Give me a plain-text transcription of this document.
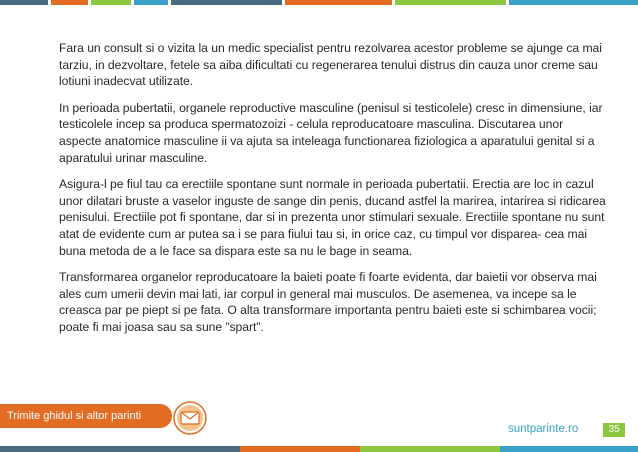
Fara un consult si o vizita la un medic specialist pentru rezolvarea acestor probleme se ajunge ca mai tarziu, in dezvoltare, fetele sa aiba dificultati cu regenerarea tenului distrus din cauza unor creme sau lotiuni inadecvat utilizate.

In perioada pubertatii, organele reproductive masculine (penisul si testicolele) cresc in dimensiune, iar testicolele incep sa produca spermatozoizi - celula reproducatoare masculina. Discutarea unor aspecte anatomice masculine ii va ajuta sa inteleaga functionarea fiziologica a aparatului genital si a aparatului urinar masculine.

Asigura-l pe fiul tau ca erectiile spontane sunt normale in perioada pubertatii. Erectia are loc in cazul unor dilatari bruste a vaselor inguste de sange din penis, ducand astfel la marirea, intarirea si ridicarea penisului. Erectiile pot fi spontane, dar si in prezenta unor stimulari sexuale. Erectiile spontane nu sunt atat de evidente cum ar putea sa i se para fiului tau si, in orice caz, cu timpul vor disparea- cea mai buna metoda de a le face sa dispara este sa nu le bage in seama.

Transformarea organelor reproducatoare la baieti poate fi foarte evidenta, dar baietii vor observa mai ales cum umerii devin mai lati, iar corpul in general mai musculos. De asemenea, va incepe sa le creasca par pe piept si pe fata. O alta transformare importanta pentru baieti este si schimbarea vocii; poate fi mai joasa sau sa sune ”spart”.

Trimite ghidul si altor parinti
suntparinte.ro	35
